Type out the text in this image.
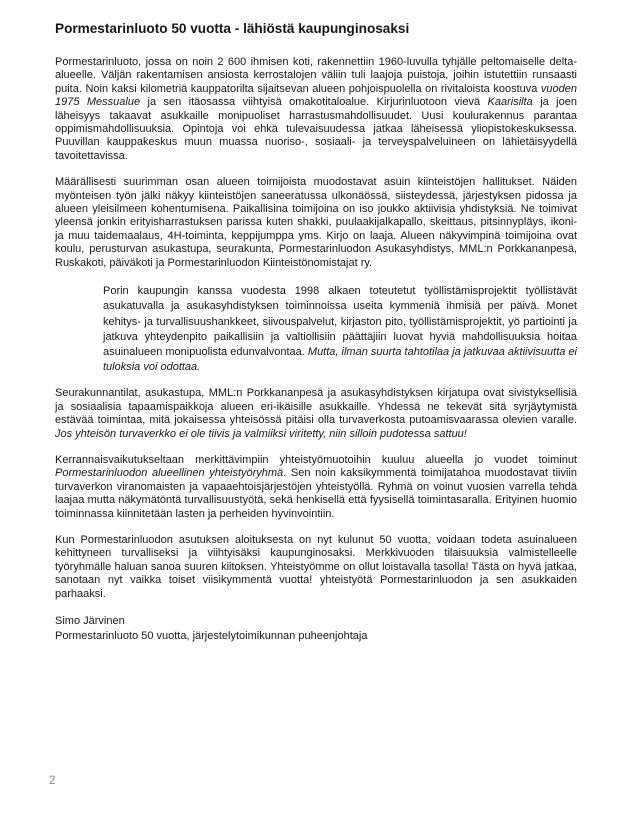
Pormestarinluoto 50 vuotta - lähiöstä kaupunginosaksi

Pormestarinluoto, jossa on noin 2 600 ihmisen koti, rakennettiin 1960-luvulla tyhjälle peltomaiselle delta-alueelle. Väljän rakentamisen ansiosta kerrostalojen väliin tuli laajoja puistoja, joihin istutettiin runsaasti puita. Noin kaksi kilometriä kauppatorilta sijaitsevan alueen pohjoispuolella on rivitaloista koostuva vuoden 1975 Messualue ja sen itäosassa viihtyisä omakotitaloalue. Kirjurinluotoon vievä Kaarisilta ja joen läheisyys takaavat asukkaille monipuoliset harrastusmahdollisuudet. Uusi koulurakennus parantaa oppimismahdollisuuksia. Opintoja voi ehkä tulevaisuudessa jatkaa läheisessä yliopistokeskuksessa. Puuvillan kauppakeskus muun muassa nuoriso-, sosiaali- ja terveyspalveluineen on lähietäisyydellä tavoitettavissa.

Määrällisesti suurimman osan alueen toimijoista muodostavat asuin kiinteistöjen hallitukset. Näiden myönteisen työn jälki näkyy kiinteistöjen saneeratussa ulkonäössä, siisteydessä, järjestyksen pidossa ja alueen yleisilmeen kohentumisena. Paikallisina toimijoina on iso joukko aktiivisia yhdistyksiä. Ne toimivat yleensä jonkin erityisharrastuksen parissa kuten shakki, puulaakijalkapallo, skeittaus, pitsinnypläys, ikoni- ja muu taidemaalaus, 4H-toiminta, keppijumppa yms. Kirjo on laaja. Alueen näkyvimpinä toimijoina ovat koulu, perusturvan asukastupa, seurakunta, Pormestarinluodon Asukasyhdistys, MML:n Porkkananpesä, Ruskakoti, päiväkoti ja Pormestarinluodon Kiinteistönomistajat ry.

Porin kaupungin kanssa vuodesta 1998 alkaen toteutetut työllistämisprojektit työllistävät asukatuvalla ja asukasyhdistyksen toiminnoissa useita kymmeniä ihmisiä per päivä. Monet kehitys- ja turvallisuushankkeet, siivouspalvelut, kirjaston pito, työllistämisprojektit, yö partiointi ja jatkuva yhteydenpito paikallisiin ja valtiollisiin päättäjiin luovat hyviä mahdollisuuksia hoitaa asuinalueen monipuolista edunvalvontaa. Mutta, ilman suurta tahtotilaa ja jatkuvaa aktiivisuutta ei tuloksia voi odottaa.

Seurakunnantilat, asukastupa, MML:n Porkkananpesä ja asukasyhdistyksen kirjatupa ovat sivistyksellisiä ja sosiaalisia tapaamispaikkoja alueen eri-ikäisille asukkaille. Yhdessä ne tekevät sitä syrjäytymistä estävää toimintaa, mitä jokaisessa yhteisössä pitäisi olla turvaverkosta putoamisvaarassa olevien varalle. Jos yhteisön turvaverkko ei ole tiivis ja valmiiksi viritetty, niin silloin pudotessa sattuu!

Kerrannaisvaikutukseltaan merkittävimpiin yhteistyömuotoihin kuuluu alueella jo vuodet toiminut Pormestarinluodon alueellinen yhteistyöryhmä. Sen noin kaksikymmentä toimijatahoa muodostavat tiiviin turvaverkon viranomaisten ja vapaaehtoisjärjestöjen yhteistyöllä. Ryhmä on voinut vuosien varrella tehdä laajaa mutta näkymätöntä turvallisuustyötä, sekä henkisellä että fyysisellä toimintasaralla. Erityinen huomio toiminnassa kiinnitetään lasten ja perheiden hyvinvointiin.

Kun Pormestarinluodon asutuksen aloituksesta on nyt kulunut 50 vuotta, voidaan todeta asuinalueen kehittyneen turvalliseksi ja viihtyisäksi kaupunginosaksi. Merkkivuoden tilaisuuksia valmistelleelle työryhmälle haluan sanoa suuren kiitoksen. Yhteistyömme on ollut loistavalla tasolla! Tästä on hyvä jatkaa, sanotaan nyt vaikka toiset viisikymmentä vuotta! yhteistyötä Pormestarinluodon ja sen asukkaiden parhaaksi.

Simo Järvinen
Pormestarinluoto 50 vuotta, järjestelytoimikunnan puheenjohtaja
2
